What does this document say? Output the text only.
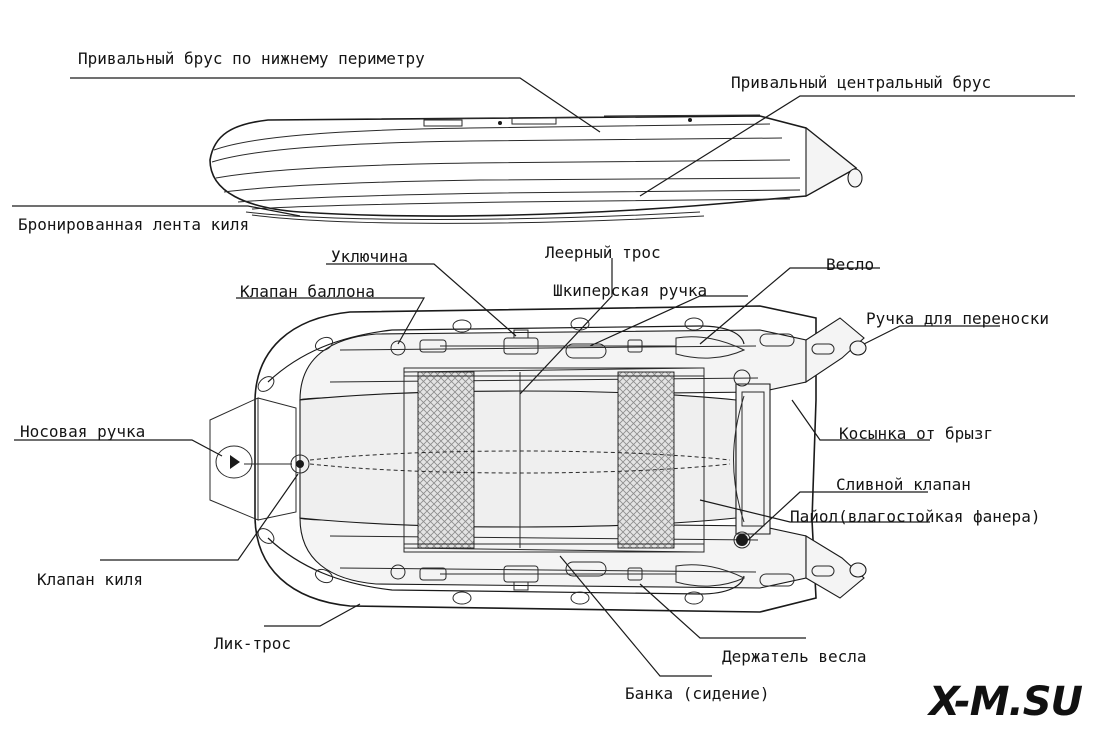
Привальный брус по нижнему периметру
Привальный центральный брус
Бронированная лента киля
Уключина	Леерный трос
Весло
Клапан баллона	Шкиперская ручка
Ручка для переноски
Носовая ручка	Косынка от брызг
Сливной клапан
Пайол(влагостойкая фанера)
Клапан киля
Лик-трос
Держатель весла
Банка (сидение)	X-M.SU
